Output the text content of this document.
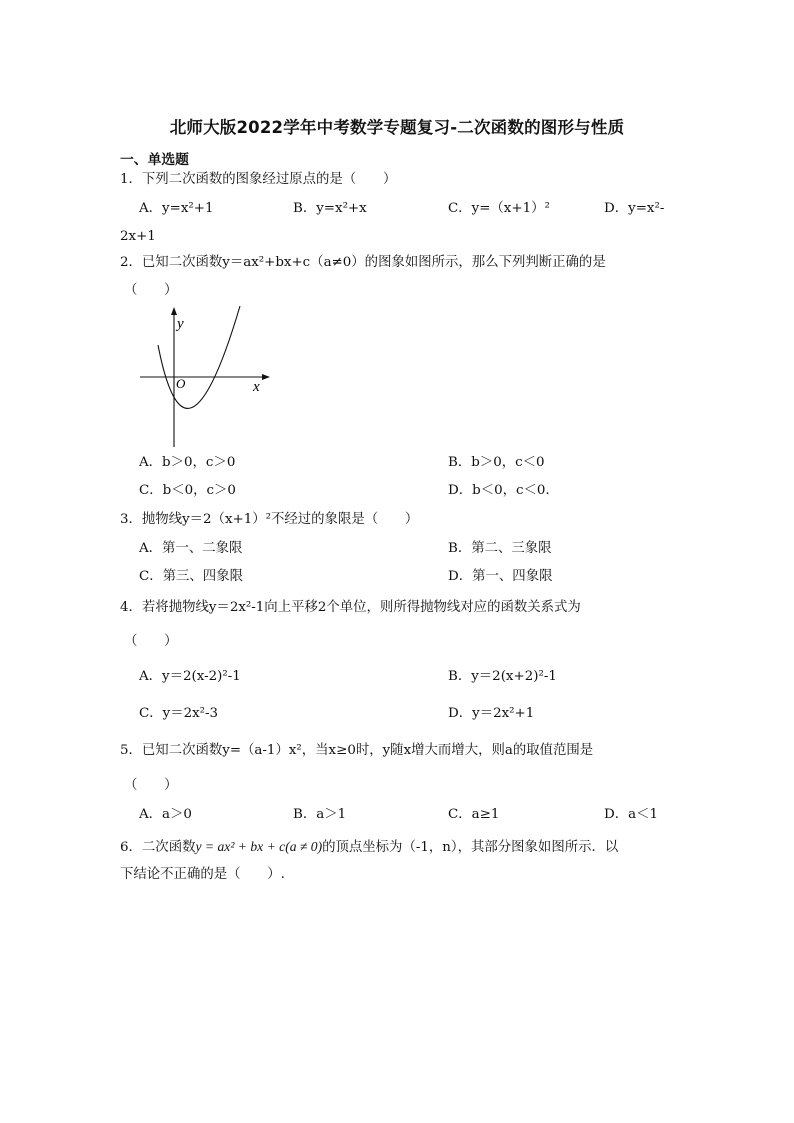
北师大版2022学年中考数学专题复习-二次函数的图形与性质
一、单选题
1．下列二次函数的图象经过原点的是（　　）
A．y=x²+1	B．y=x²+x	C．y=（x+1）²	D．y=x²-
2x+1
2．已知二次函数y＝ax²+bx+c（a≠0）的图象如图所示，那么下列判断正确的是
（　　）
y
x
O
A．b＞0，c＞0	B．b＞0，c＜0
C．b＜0，c＞0	D．b＜0，c＜0.
3．抛物线y＝2（x+1）²不经过的象限是（　　）
A．第一、二象限	B．第二、三象限
C．第三、四象限	D．第一、四象限
4．若将抛物线y＝2x²-1向上平移2个单位，则所得抛物线对应的函数关系式为
（　　）
A．y＝2(x-2)²-1	B．y＝2(x+2)²-1
C．y＝2x²-3	D．y＝2x²+1
5．已知二次函数y=（a-1）x²，当x≥0时，y随x增大而增大，则a的取值范围是
（　　）
A．a＞0	B．a＞1	C．a≥1	D．a＜1
6．二次函数y = ax² + bx + c(a ≠ 0)的顶点坐标为（-1，n），其部分图象如图所示．以
下结论不正确的是（　　）.
